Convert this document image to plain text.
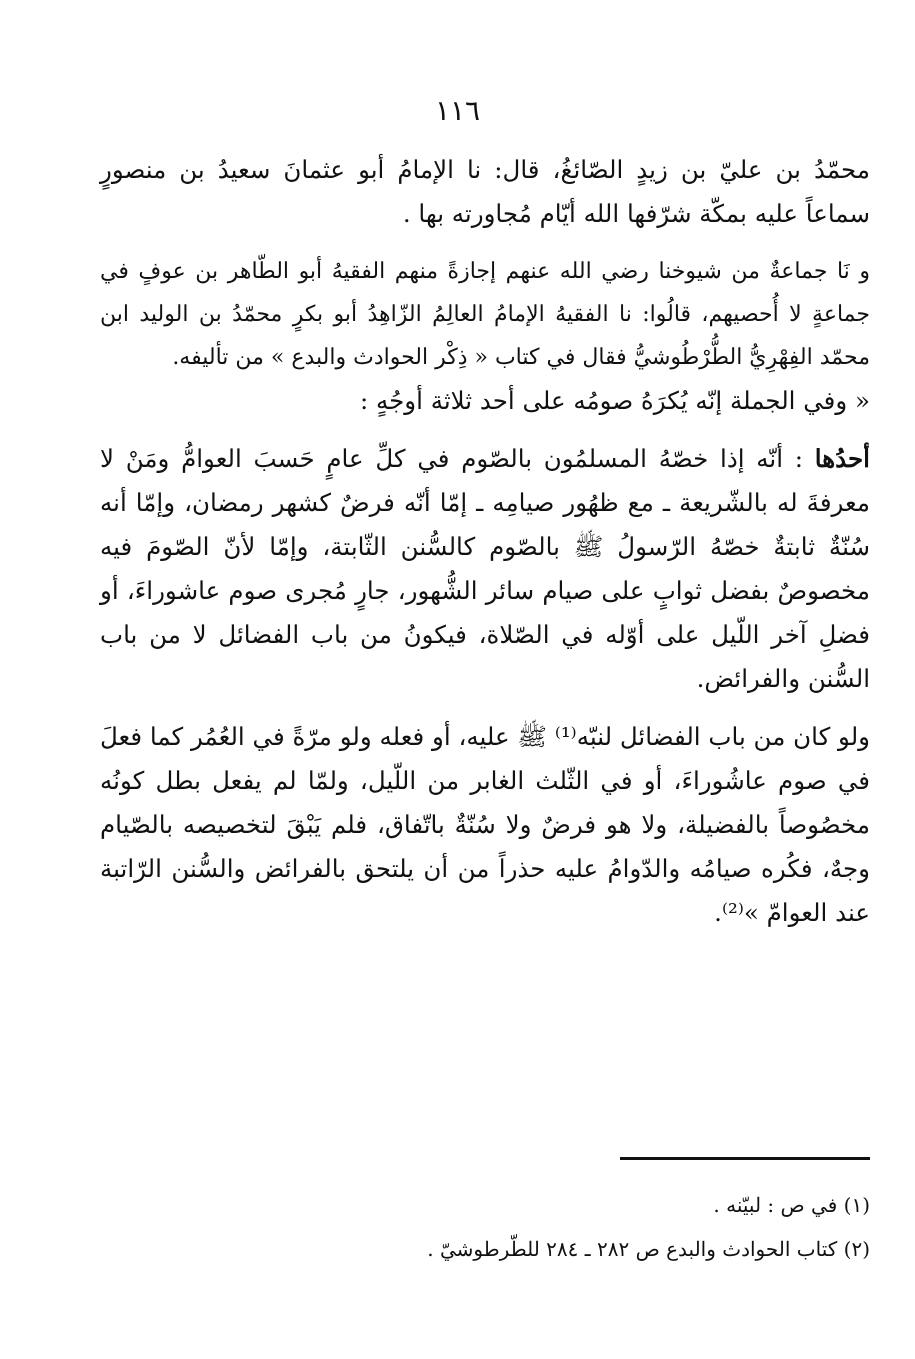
١١٦

محمّدُ بن عليّ بن زيدٍ الصّائغُ، قال: نا الإمامُ أبو عثمانَ سعيدُ بن منصورٍ سماعاً عليه بمكّة شرّفها الله أيّام مُجاورته بها .

و نَا جماعةٌ من شيوخنا رضي الله عنهم إجازةً منهم الفقيهُ أبو الطّاهر بن عوفٍ في جماعةٍ لا أُحصيهم، قالُوا: نا الفقيهُ الإمامُ العالِمُ الزّاهِدُ أبو بكرٍ محمّدُ بن الوليد ابن محمّد الفِهْرِيُّ الطُّرْطُوشيُّ فقال في كتاب « ذِكْر الحوادث والبدع » من تأليفه.

« وفي الجملة إنّه يُكرَهُ صومُه على أحد ثلاثة أوجُهٍ :

أحدُها : أنّه إذا خصّهُ المسلمُون بالصّوم في كلِّ عامٍ حَسبَ العوامُّ ومَنْ لا معرفةَ له بالشّريعة ـ مع ظهُور صيامِه ـ إمّا أنّه فرضٌ كشهر رمضان، وإمّا أنه سُنّةٌ ثابتةٌ خصّهُ الرّسولُ ﷺ بالصّوم كالسُّنن الثّابتة، وإمّا لأنّ الصّومَ فيه مخصوصٌ بفضل ثوابٍ على صيام سائر الشُّهور، جارٍ مُجرى صوم عاشوراءَ، أو فضلِ آخر اللّيل على أوّله في الصّلاة، فيكونُ من باب الفضائل لا من باب السُّنن والفرائض.

ولو كان من باب الفضائل لنبّه⁽¹⁾ ﷺ عليه، أو فعله ولو مرّةً في العُمُر كما فعلَ في صوم عاشُوراءَ، أو في الثّلث الغابر من اللّيل، ولمّا لم يفعل بطل كونُه مخصُوصاً بالفضيلة، ولا هو فرضٌ ولا سُنّةٌ باتّفاق، فلم يَبْقَ لتخصيصه بالصّيام وجهٌ، فكُره صيامُه والدّوامُ عليه حذراً من أن يلتحق بالفرائض والسُّنن الرّاتبة عند العوامّ »⁽²⁾.

(١) في ص : لبيّنه .

(٢) كتاب الحوادث والبدع ص ٢٨٢ ـ ٢٨٤ للطّرطوشيّ .
